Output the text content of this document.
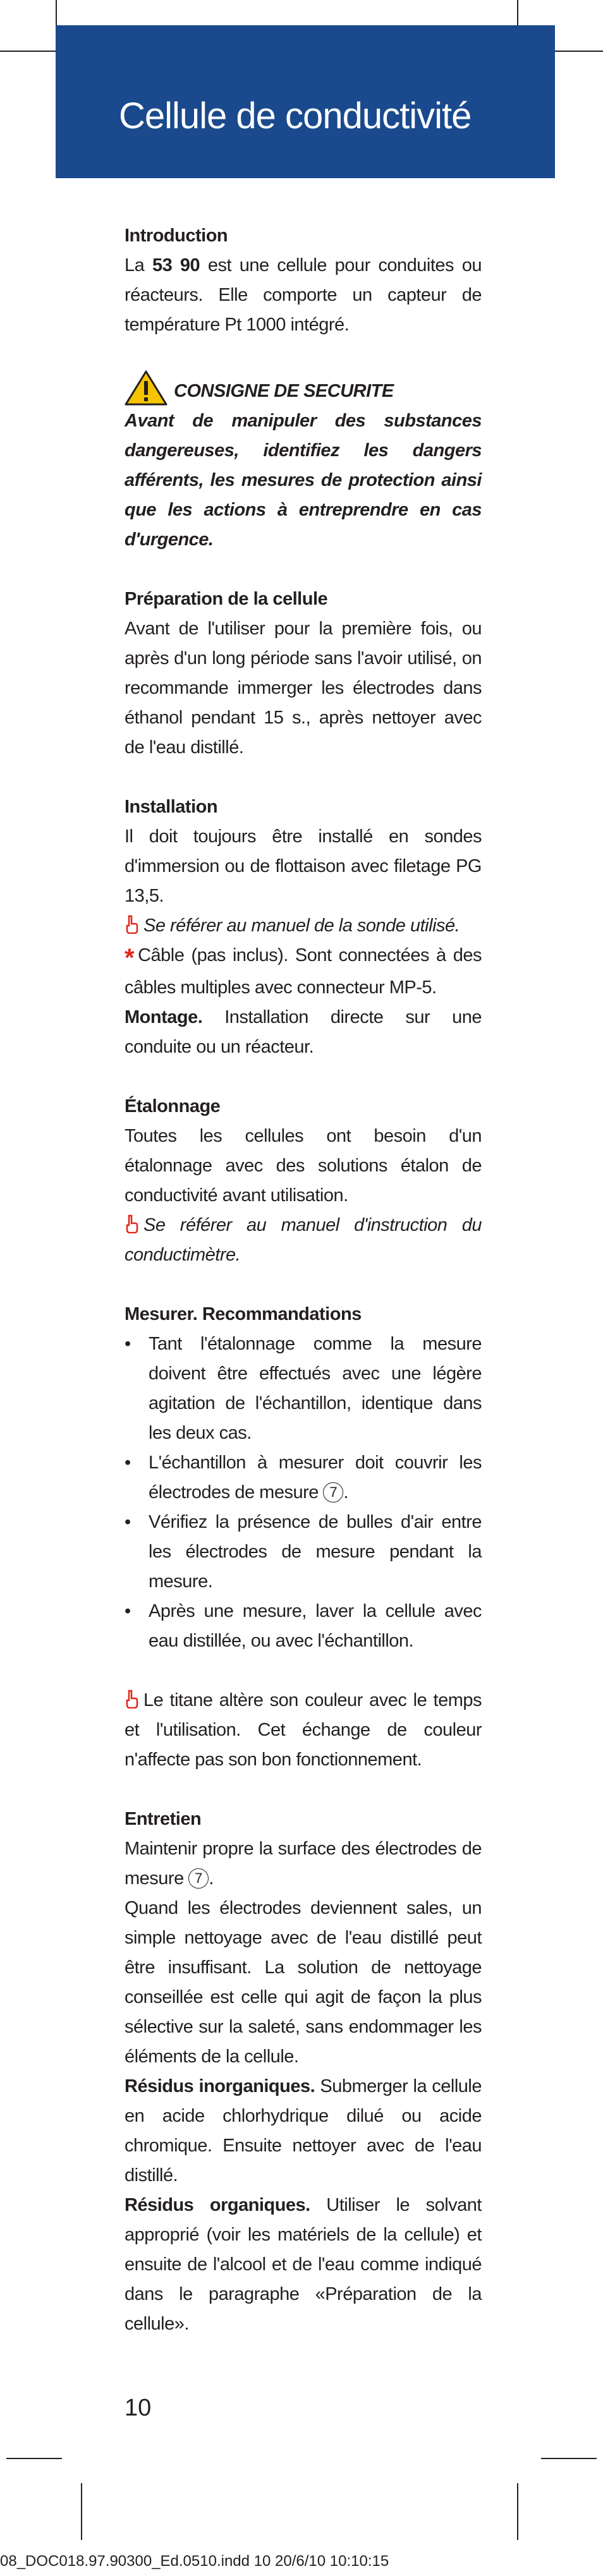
Cellule de conductivité
Introduction

La 53 90 est une cellule pour conduites ou réacteurs. Elle comporte un capteur de température Pt 1000 intégré.

CONSIGNE DE SECURITE
Avant de manipuler des substances dangereuses, identifiez les dangers afférents, les mesures de protection ainsi que les actions à entreprendre en cas d'urgence.
Préparation de la cellule

Avant de l'utiliser pour la première fois, ou après d'un long période sans l'avoir utilisé, on recommande immerger les électrodes dans éthanol pendant 15 s., après nettoyer avec de l'eau distillé.

Installation

Il doit toujours être installé en sondes d'immersion ou de flottaison avec filetage PG 13,5.

Se référer au manuel de la sonde utilisé.

* Câble (pas inclus). Sont connectées à des câbles multiples avec connecteur MP-5.

Montage. Installation directe sur une conduite ou un réacteur.

Étalonnage

Toutes les cellules ont besoin d'un étalonnage avec des solutions étalon de conductivité avant utilisation.

Se référer au manuel d'instruction du conductimètre.

Mesurer. Recommandations
• Tant l'étalonnage comme la mesure doivent être effectués avec une légère agitation de l'échantillon, identique dans les deux cas.
• L'échantillon à mesurer doit couvrir les électrodes de mesure 7 .
• Vérifiez la présence de bulles d'air entre les électrodes de mesure pendant la mesure.
• Après une mesure, laver la cellule avec eau distillée, ou avec l'échantillon.

Le titane altère son couleur avec le temps et l'utilisation. Cet échange de couleur n'affecte pas son bon fonctionnement.

Entretien

Maintenir propre la surface des électrodes de mesure 7 .

Quand les électrodes deviennent sales, un simple nettoyage avec de l'eau distillé peut être insuffisant. La solution de nettoyage conseillée est celle qui agit de façon la plus sélective sur la saleté, sans endommager les éléments de la cellule.

Résidus inorganiques. Submerger la cellule en acide chlorhydrique dilué ou acide chromique. Ensuite nettoyer avec de l'eau distillé.

Résidus organiques. Utiliser le solvant approprié (voir les matériels de la cellule) et ensuite de l'alcool et de l'eau comme indiqué dans le paragraphe «Préparation de la cellule».

10
08_DOC018.97.90300_Ed.0510.indd 10 20/6/10 10:10:15
